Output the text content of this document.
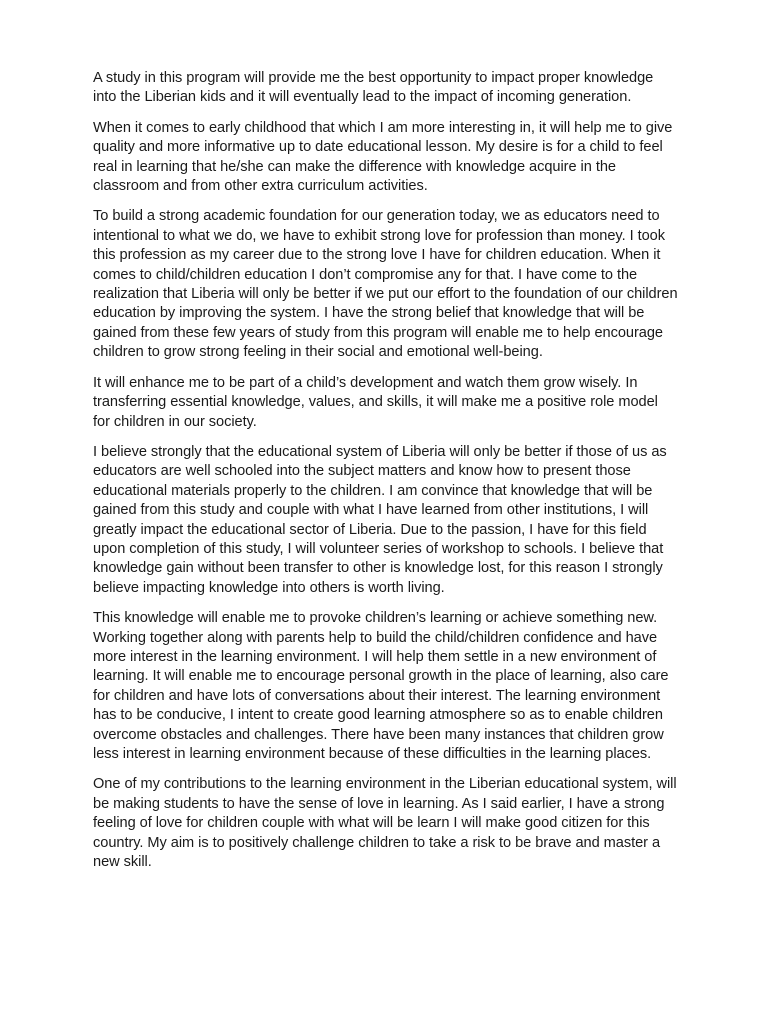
A study in this program will provide me the best opportunity to impact proper knowledge into the Liberian kids and it will eventually lead to the impact of incoming generation.

When it comes to early childhood that which I am more interesting in, it will help me to give quality and more informative up to date educational lesson. My desire is for a child to feel real in learning that he/she can make the difference with knowledge acquire in the classroom and from other extra curriculum activities.

To build a strong academic foundation for our generation today, we as educators need to intentional to what we do, we have to exhibit strong love for profession than money. I took this profession as my career due to the strong love I have for children education. When it comes to child/children education I don’t compromise any for that. I have come to the realization that Liberia will only be better if we put our effort to the foundation of our children education by improving the system. I have the strong belief that knowledge that will be gained from these few years of study from this program will enable me to help encourage children to grow strong feeling in their social and emotional well-being.

It will enhance me to be part of a child’s development and watch them grow wisely. In transferring essential knowledge, values, and skills, it will make me a positive role model for children in our society.

I believe strongly that the educational system of Liberia will only be better if those of us as educators are well schooled into the subject matters and know how to present those educational materials properly to the children. I am convince that knowledge that will be gained from this study and couple with what I have learned from other institutions, I will greatly impact the educational sector of Liberia. Due to the passion, I have for this field upon completion of this study, I will volunteer series of workshop to schools. I believe that knowledge gain without been transfer to other is knowledge lost, for this reason I strongly believe impacting knowledge into others is worth living.

This knowledge will enable me to provoke children’s learning or achieve something new. Working together along with parents help to build the child/children confidence and have more interest in the learning environment. I will help them settle in a new environment of learning. It will enable me to encourage personal growth in the place of learning, also care for children and have lots of conversations about their interest. The learning environment has to be conducive, I intent to create good learning atmosphere so as to enable children overcome obstacles and challenges. There have been many instances that children grow less interest in learning environment because of these difficulties in the learning places.

One of my contributions to the learning environment in the Liberian educational system, will be making students to have the sense of love in learning. As I said earlier, I have a strong feeling of love for children couple with what will be learn I will make good citizen for this country. My aim is to positively challenge children to take a risk to be brave and master a new skill.
